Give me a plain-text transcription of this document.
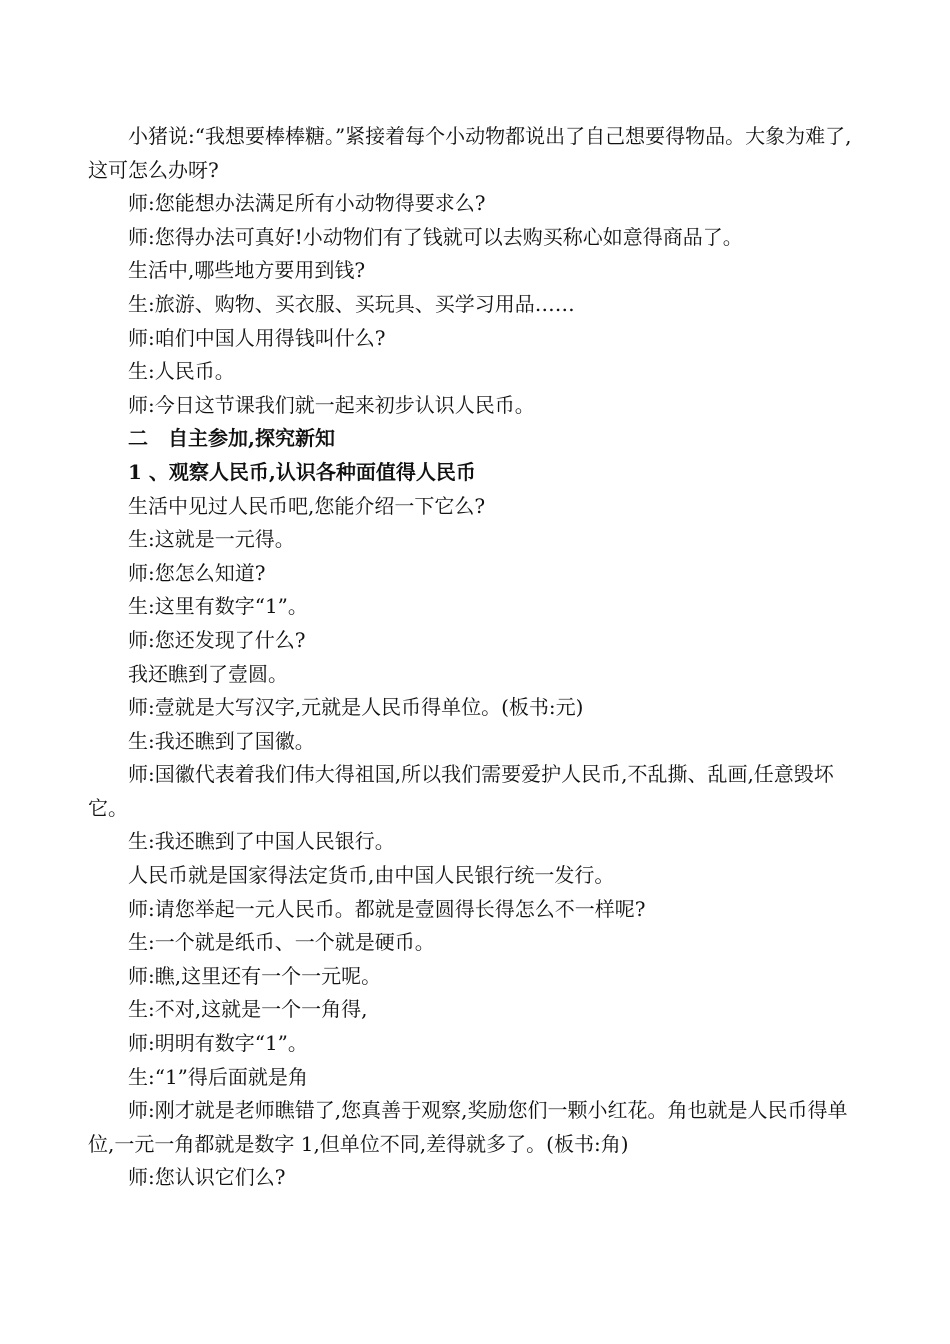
小猪说:“我想要棒棒糖。”紧接着每个小动物都说出了自己想要得物品。大象为难了,这可怎么办呀?

师:您能想办法满足所有小动物得要求么?

师:您得办法可真好!小动物们有了钱就可以去购买称心如意得商品了。

生活中,哪些地方要用到钱?

生:旅游、购物、买衣服、买玩具、买学习用品……

师:咱们中国人用得钱叫什么?

生:人民币。

师:今日这节课我们就一起来初步认识人民币。

二　自主参加,探究新知

1 、观察人民币,认识各种面值得人民币

生活中见过人民币吧,您能介绍一下它么?

生:这就是一元得。

师:您怎么知道?

生:这里有数字“1”。

师:您还发现了什么?

我还瞧到了壹圆。

师:壹就是大写汉字,元就是人民币得单位。(板书:元)

生:我还瞧到了国徽。

师:国徽代表着我们伟大得祖国,所以我们需要爱护人民币,不乱撕、乱画,任意毁坏它。

生:我还瞧到了中国人民银行。

人民币就是国家得法定货币,由中国人民银行统一发行。

师:请您举起一元人民币。都就是壹圆得长得怎么不一样呢?

生:一个就是纸币、一个就是硬币。

师:瞧,这里还有一个一元呢。

生:不对,这就是一个一角得,

师:明明有数字“1”。

生:“1”得后面就是角

师:刚才就是老师瞧错了,您真善于观察,奖励您们一颗小红花。角也就是人民币得单位,一元一角都就是数字 1,但单位不同,差得就多了。(板书:角)

师:您认识它们么?
